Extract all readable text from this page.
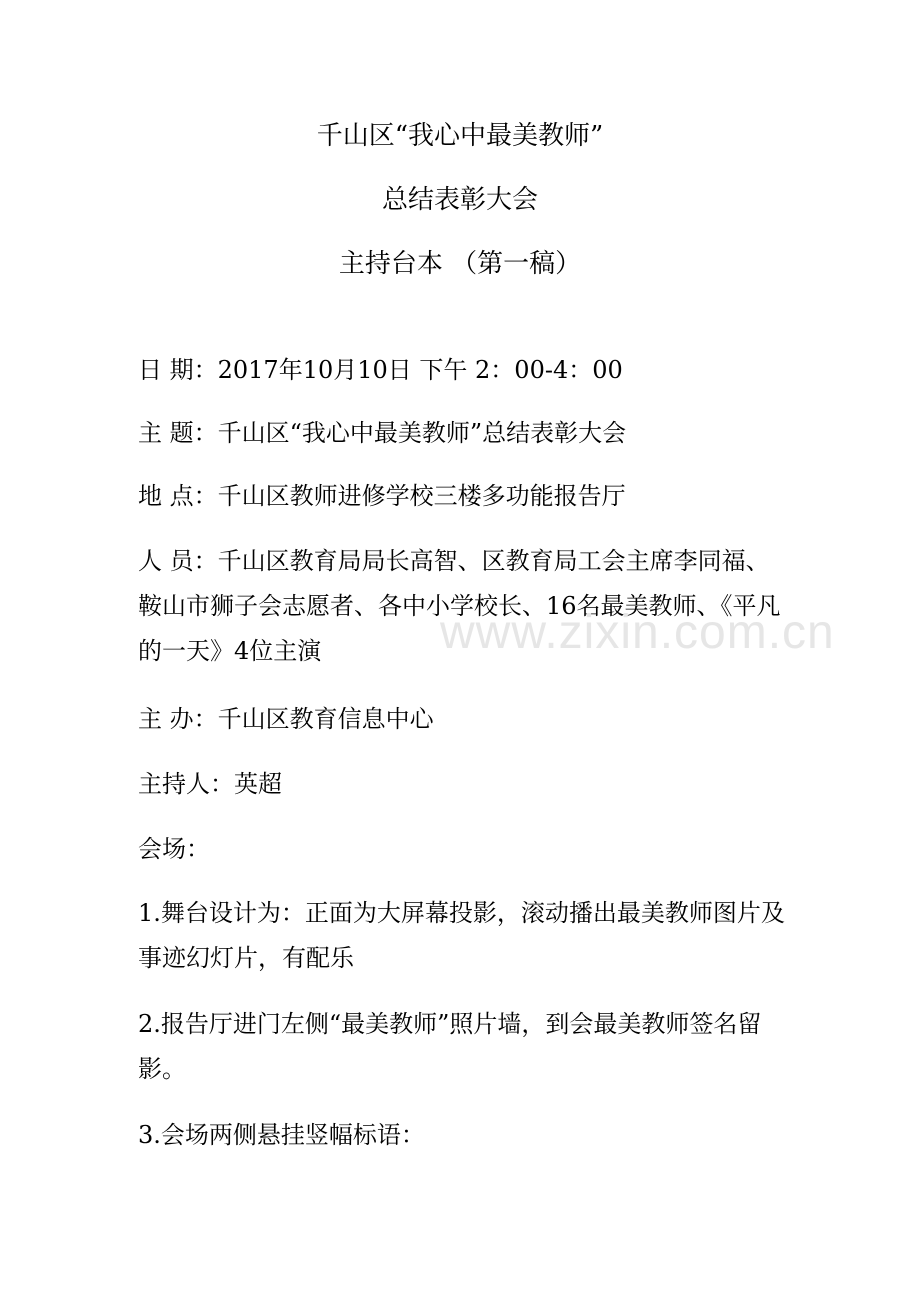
千山区“我心中最美教师”
总结表彰大会
主持台本 （第一稿）

日 期：2017年10月10日 下午 2：00-4：00

主 题：千山区“我心中最美教师”总结表彰大会

地 点：千山区教师进修学校三楼多功能报告厅

人 员：千山区教育局局长高智、区教育局工会主席李同福、鞍山市狮子会志愿者、各中小学校长、16名最美教师、《平凡的一天》4位主演

主 办：千山区教育信息中心

主持人：英超

会场：

1.舞台设计为：正面为大屏幕投影，滚动播出最美教师图片及事迹幻灯片，有配乐

2.报告厅进门左侧“最美教师”照片墙，到会最美教师签名留影。

3.会场两侧悬挂竖幅标语：

www.zixin.com.cn
